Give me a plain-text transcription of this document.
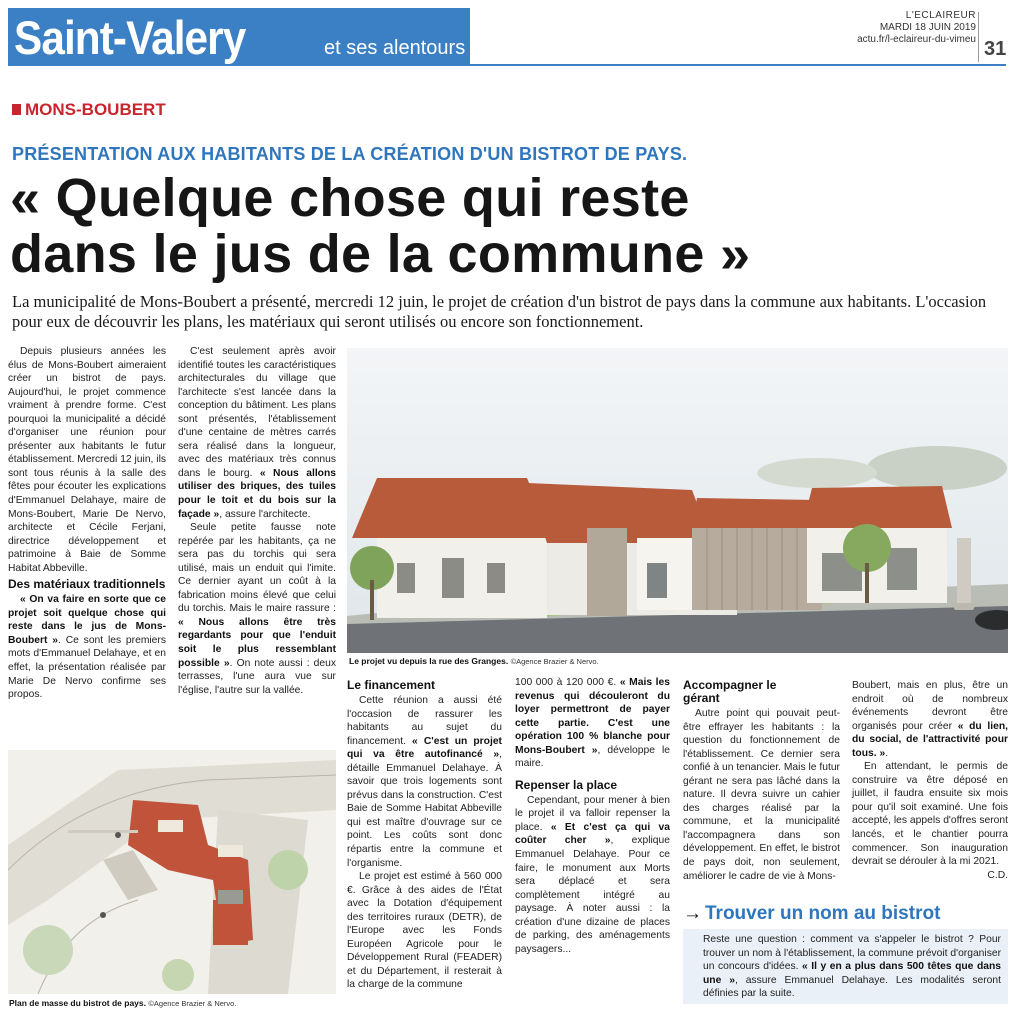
Saint-Valery	et ses alentours
L'ECLAIREUR
MARDI 18 JUIN 2019
actu.fr/l-eclaireur-du-vimeu 31
MONS-BOUBERT
PRÉSENTATION AUX HABITANTS DE LA CRÉATION D'UN BISTROT DE PAYS.
« Quelque chose qui reste
dans le jus de la commune »
La municipalité de Mons-Boubert a présenté, mercredi 12 juin, le projet de création d'un bistrot de pays dans la commune aux habitants. L'occasion pour eux de découvrir les plans, les matériaux qui seront utilisés ou encore son fonctionnement.

Depuis plusieurs années les élus de Mons-Boubert aimeraient créer un bistrot de pays. Aujourd'hui, le projet commence vraiment à prendre forme. C'est pourquoi la municipalité a décidé d'organiser une réunion pour présenter aux habitants le futur établissement. Mercredi 12 juin, ils sont tous réunis à la salle des fêtes pour écouter les explications d'Emmanuel Delahaye, maire de Mons-Boubert, Marie De Nervo, architecte et Cécile Ferjani, directrice développement et patrimoine à Baie de Somme Habitat Abbeville.

Des matériaux traditionnels

« On va faire en sorte que ce projet soit quelque chose qui reste dans le jus de Mons-Boubert ». Ce sont les premiers mots d'Emmanuel Delahaye, et en effet, la présentation réalisée par Marie De Nervo confirme ses propos.

C'est seulement après avoir identifié toutes les caractéristiques architecturales du village que l'architecte s'est lancée dans la conception du bâtiment. Les plans sont présentés, l'établissement d'une centaine de mètres carrés sera réalisé dans la longueur, avec des matériaux très connus dans le bourg. « Nous allons utiliser des briques, des tuiles pour le toit et du bois sur la façade », assure l'architecte.

Seule petite fausse note repérée par les habitants, ça ne sera pas du torchis qui sera utilisé, mais un enduit qui l'imite. Ce dernier ayant un coût à la fabrication moins élevé que celui du torchis. Mais le maire rassure : « Nous allons être très regardants pour que l'enduit soit le plus ressemblant possible ». On note aussi : deux terrasses, l'une aura vue sur l'église, l'autre sur la vallée.

Le projet vu depuis la rue des Granges. ©Agence Brazier & Nervo.
Le financement

Cette réunion a aussi été l'occasion de rassurer les habitants au sujet du financement. « C'est un projet qui va être autofinancé », détaille Emmanuel Delahaye. À savoir que trois logements sont prévus dans la construction. C'est Baie de Somme Habitat Abbeville qui est maître d'ouvrage sur ce point. Les coûts sont donc répartis entre la commune et l'organisme.

Le projet est estimé à 560 000 €. Grâce à des aides de l'État avec la Dotation d'équipement des territoires ruraux (DETR), de l'Europe avec les Fonds Européen Agricole pour le Développement Rural (FEADER) et du Département, il resterait à la charge de la commune

100 000 à 120 000 €. « Mais les revenus qui découleront du loyer permettront de payer cette partie. C'est une opération 100 % blanche pour Mons-Boubert », développe le maire.

Repenser la place

Cependant, pour mener à bien le projet il va falloir repenser la place. « Et c'est ça qui va coûter cher », explique Emmanuel Delahaye. Pour ce faire, le monument aux Morts sera déplacé et sera complètement intégré au paysage. À noter aussi : la création d'une dizaine de places de parking, des aménagements paysagers...

Accompagner le gérant

Autre point qui pouvait peut-être effrayer les habitants : la question du fonctionnement de l'établissement. Ce dernier sera confié à un tenancier. Mais le futur gérant ne sera pas lâché dans la nature. Il devra suivre un cahier des charges réalisé par la commune, et la municipalité l'accompagnera dans son développement. En effet, le bistrot de pays doit, non seulement, améliorer le cadre de vie à Mons-

Boubert, mais en plus, être un endroit où de nombreux événements devront être organisés pour créer « du lien, du social, de l'attractivité pour tous. ».

En attendant, le permis de construire va être déposé en juillet, il faudra ensuite six mois pour qu'il soit examiné. Une fois accepté, les appels d'offres seront lancés, et le chantier pourra commencer. Son inauguration devrait se dérouler à la mi 2021.

C.D.

Plan de masse du bistrot de pays. ©Agence Brazier & Nervo.
→ Trouver un nom au bistrot

Reste une question : comment va s'appeler le bistrot ? Pour trouver un nom à l'établissement, la commune prévoit d'organiser un concours d'idées. « Il y en a plus dans 500 têtes que dans une », assure Emmanuel Delahaye. Les modalités seront définies par la suite.
